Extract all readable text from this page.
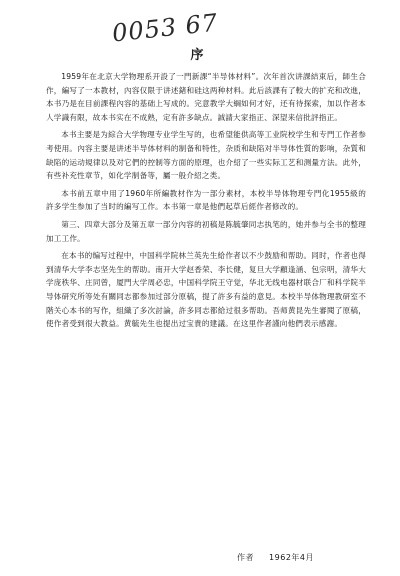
0053 67
序

1959年在北京大学物理系开設了一門新課“半导体材料”。次年首次讲課結束后，師生合作，編写了一本教材，內容仅限于讲述鍺和硅这两种材料。此后該課有了較大的扩充和改進，本书乃是在目前課程內容的基础上写成的。完意教学大綱如何才好，还有待探索，加以作者本人学識有限，故本书实在不成熟，定有許多缺点。誠請大家指正、深望来信批評指正。

本书主要是为綜合大学物理专业学生写的，也希望能供高等工业院校学生和专門工作者参考使用。內容主要是讲述半导体材料的制备和特性，杂质和缺陷对半导体性質的影响，杂質和缺陷的运动規律以及对它們的控制等方面的原理，也介紹了一些实际工艺和测量方法。此外，有些补充性章节，如化学制备等，屬一般介紹之类。

本书前五章中用了1960年所編教材作为一部分素材，本校半导体物理专門化1955級的許多学生参加了当时的編写工作。本书第一章是他們起草后經作者修改的。

第三、四章大部分及第五章一部分內容的初稿是陈毓肇同志执笔的，她并参与全书的整理加工工作。

在本书的编写过程中，中国科学院林兰英先生給作者以不少鼓励和帮助。同时，作者也得到清华大学李志坚先生的帮助。南开大学赵香荣、李长健，复旦大学顧逢涵、包宗明，清华大学庞秩华、庄同曾，厦門大学周必忠，中国科学院王守觉，华北无线电器材联合厂和科学院半导体研究所等处有關同志都参加过部分原稿，提了許多有益的意見。本校半导体物理教研室不階关心本书的写作，組織了多次討論，許多同志都給过很多帮助。吾师黄昆先生審閱了原稿，使作者受到很大教益。黄毓先生也提出过宝貴的建議。在这里作者謹向他們表示感謝。

作者 1962年4月
